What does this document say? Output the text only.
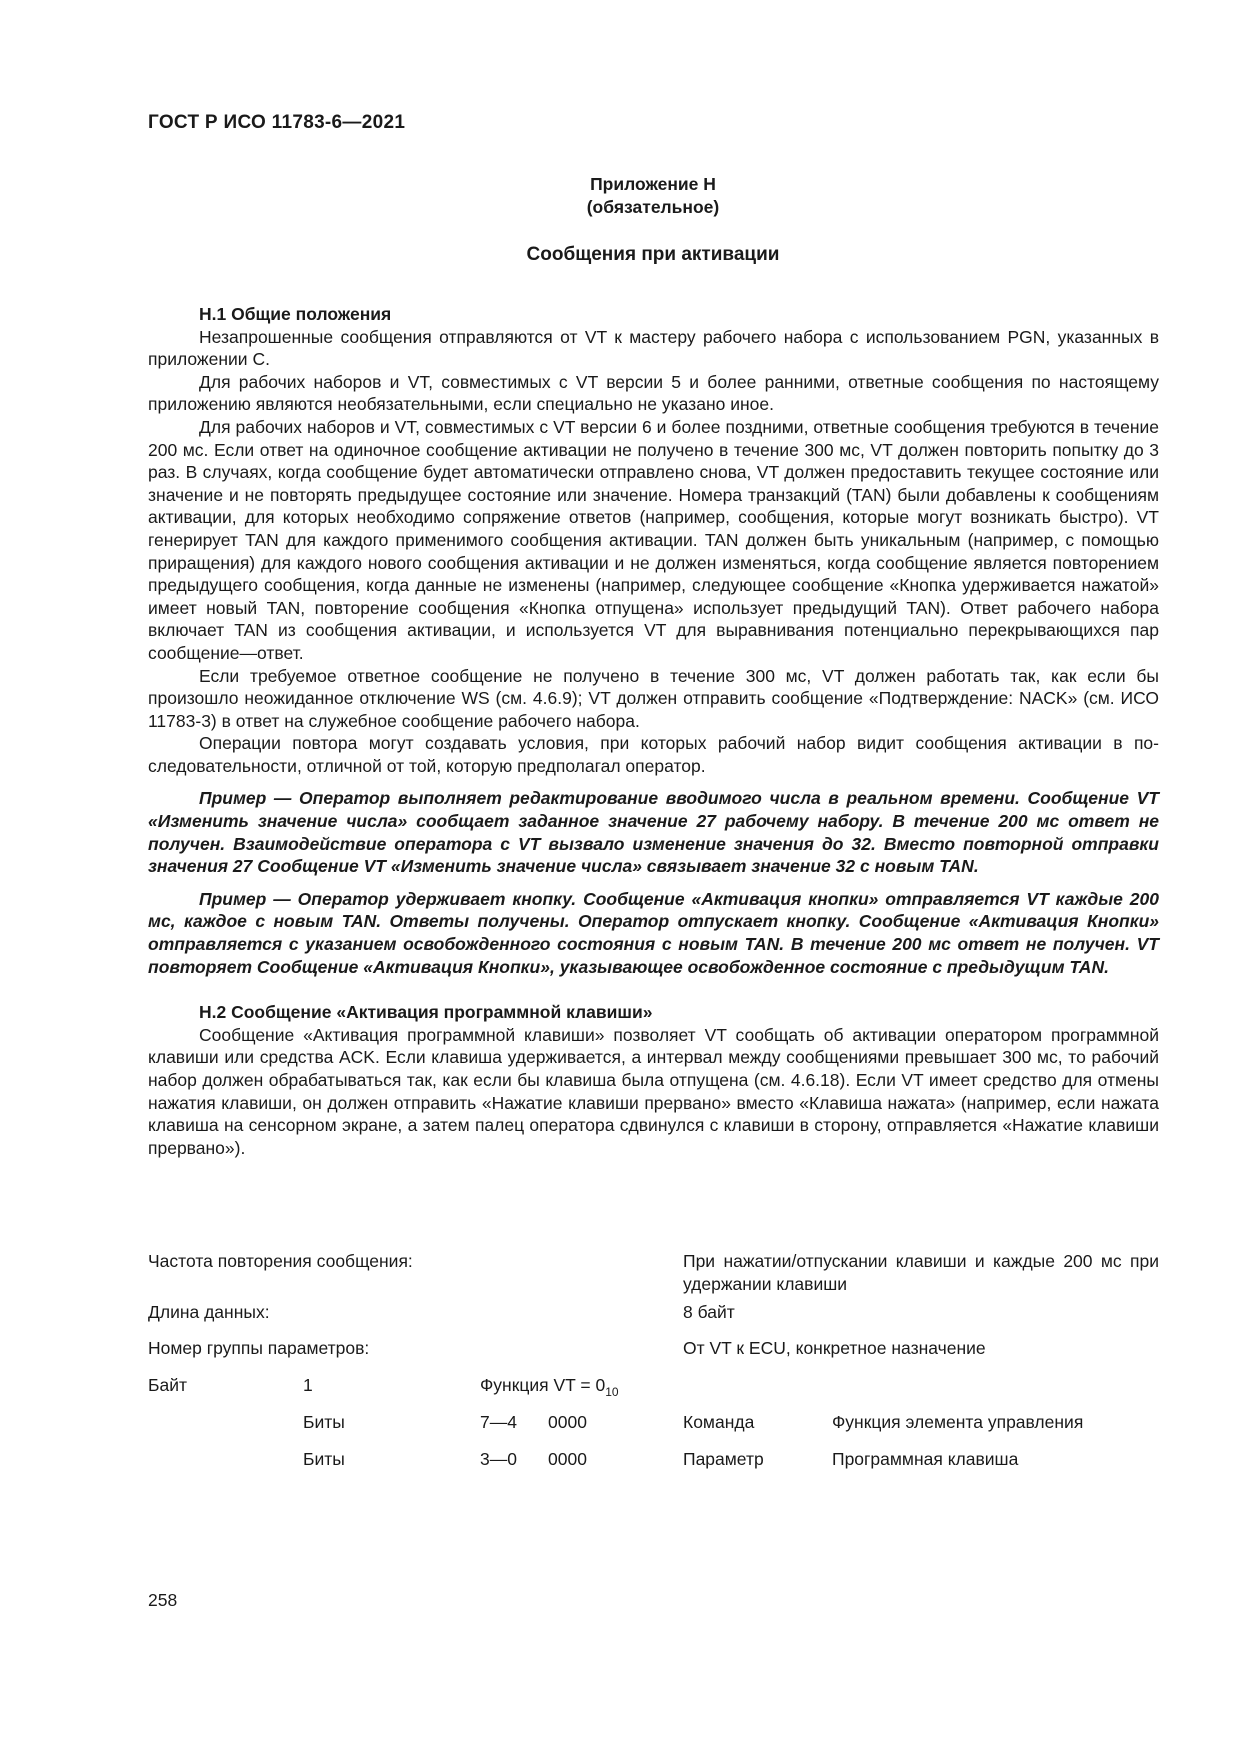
ГОСТ Р ИСО 11783-6—2021
Приложение Н
(обязательное)
Сообщения при активации

Н.1 Общие положения

Незапрошенные сообщения отправляются от VT к мастеру рабочего набора с использованием PGN, указанных в приложении С.

Для рабочих наборов и VT, совместимых с VT версии 5 и более ранними, ответные сообщения по настоящему приложению являются необязательными, если специально не указано иное.

Для рабочих наборов и VT, совместимых с VT версии 6 и более поздними, ответные сообщения требуются в течение 200 мс. Если ответ на одиночное сообщение активации не получено в течение 300 мс, VT должен повторить попытку до 3 раз. В случаях, когда сообщение будет автоматически отправлено снова, VT должен предоставить текущее состояние или значение и не повторять предыдущее состояние или значение. Номера транзакций (TAN) были добавлены к сообщениям активации, для которых необходимо сопряжение ответов (например, сообщения, которые могут возникать быстро). VT генерирует TAN для каждого применимого сообщения активации. TAN должен быть уникальным (например, с помощью приращения) для каждого нового сообщения активации и не должен изменяться, когда сообщение является повторением предыдущего сообщения, когда данные не изменены (например, следующее сообщение «Кнопка удерживается нажатой» имеет новый TAN, повторение сообщения «Кнопка отпущена» использует предыдущий TAN). Ответ рабочего набора включает TAN из сообщения активации, и используется VT для выравнивания потенциально перекрывающихся пар сообщение—ответ.

Если требуемое ответное сообщение не получено в течение 300 мс, VT должен работать так, как если бы произошло неожиданное отключение WS (см. 4.6.9); VT должен отправить сообщение «Подтверждение: NACK» (см. ИСО 11783-3) в ответ на служебное сообщение рабочего набора.

Операции повтора могут создавать условия, при которых рабочий набор видит сообщения активации в последовательности, отличной от той, которую предполагал оператор.

Пример — Оператор выполняет редактирование вводимого числа в реальном времени. Сообщение VT «Изменить значение числа» сообщает заданное значение 27 рабочему набору. В течение 200 мс ответ не получен. Взаимодействие оператора с VT вызвало изменение значения до 32. Вместо повторной отправки значения 27 Сообщение VT «Изменить значение числа» связывает значение 32 с новым TAN.

Пример — Оператор удерживает кнопку. Сообщение «Активация кнопки» отправляется VT каждые 200 мс, каждое с новым TAN. Ответы получены. Оператор отпускает кнопку. Сообщение «Активация Кнопки» отправляется с указанием освобожденного состояния с новым TAN. В течение 200 мс ответ не получен. VT повторяет Сообщение «Активация Кнопки», указывающее освобожденное состояние с предыдущим TAN.

Н.2 Сообщение «Активация программной клавиши»

Сообщение «Активация программной клавиши» позволяет VT сообщать об активации оператором программной клавиши или средства ACK. Если клавиша удерживается, а интервал между сообщениями превышает 300 мс, то рабочий набор должен обрабатываться так, как если бы клавиша была отпущена (см. 4.6.18). Если VT имеет средство для отмены нажатия клавиши, он должен отправить «Нажатие клавиши прервано» вместо «Клавиша нажата» (например, если нажата клавиша на сенсорном экране, а затем палец оператора сдвинулся с клавиши в сторону, отправляется «Нажатие клавиши прервано»).

Частота повторения сообщения:	При нажатии/отпускании клавиши и каждые 200 мс при удержании клавиши
Длина данных:	8 байт
Номер группы параметров:	От VT к ECU, конкретное назначение
Байт	1	Функция VT = $0_{10}$
Биты	7—4 0000	Команда	Функция элемента управления
Биты	3—0 0000	Параметр	Программная клавиша
258
